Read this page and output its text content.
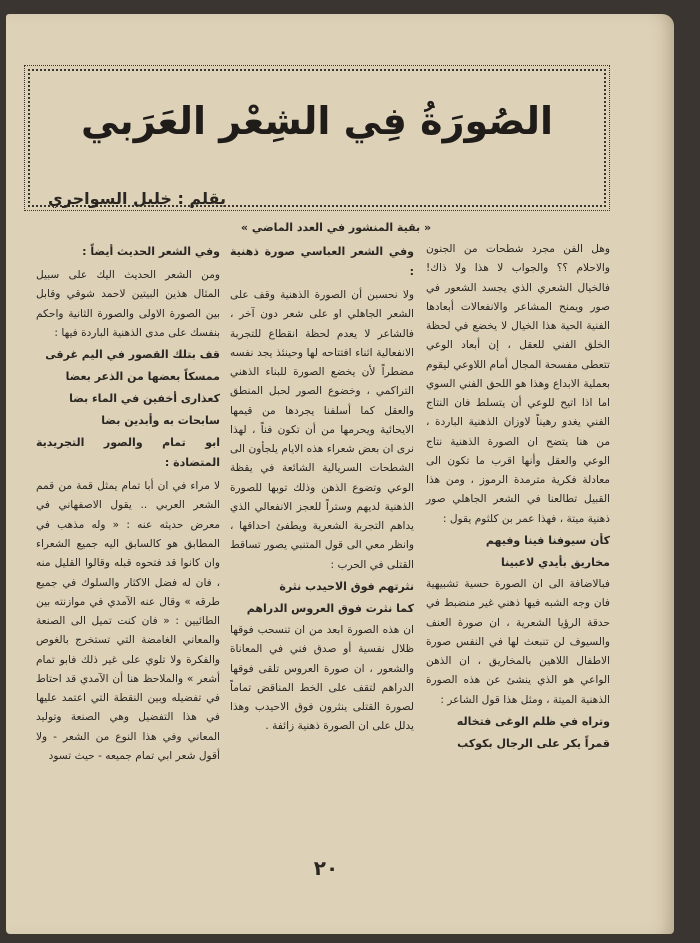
الصُورَةُ فِي الشِعْر العَرَبي
بقلم : خليل السواحري
« بقية المنشور في العدد الماضي »

وهل الفن مجرد شطحات من الجنون والاحلام ؟؟ والجواب لا هذا ولا ذاك! فالخيال الشعري الذي يجسد الشعور في صور ويمنح المشاعر والانفعالات أبعادها الفنية الحية هذا الخيال لا يخضع في لحظة الخلق الفني للعقل ، إن أبعاد الوعي تتعطى مفسحة المجال أمام اللاوعي ليقوم بعملية الابداع وهذا هو اللحق الفني السوي اما اذا اتيح للوعي أن يتسلط فان النتاج الفني يغدو رهيناً لاوزان الذهنية الباردة ، من هنا يتضح ان الصورة الذهنية نتاج الوعي والعقل وأنها اقرب ما تكون الى معادلة فكرية مترمدة الرموز ، ومن هذا القبيل تطالعنا في الشعر الجاهلي صور ذهنية ميتة ، فهذا عمر بن كلثوم يقول :

كأن سيوفنا فينا وفيهم
مخاريق بأيدي لاعبينا

فبالاضافة الى ان الصورة حسية تشبيهية فان وجه الشبه فيها ذهني غير منضبط في حدقة الرؤيا الشعرية ، ان صورة العنف والسيوف لن تنبعث لها في النفس صورة الاطفال اللاهين بالمخاريق ، ان الذهن الواعي هو الذي ينشئ عن هذه الصورة الذهنية الميتة ، ومثل هذا قول الشاعر :

وتراه في ظلم الوغى فتخاله
قمراً يكر على الرجال بكوكب
وفي الشعر العباسي صورة ذهنية :

ولا نحسبن أن الصورة الذهنية وقف على الشعر الجاهلي او على شعر دون آخر ، فالشاعر لا يعدم لحظة انقطاع للتجربة الانفعالية اثناء افتتاحه لها وحينئذ يجد نفسه مضطراً لأن يخضع الصورة للبناء الذهني التراكمي ، وخضوع الصور لحبل المنطق والعقل كما أسلفنا يجردها من قيمها الايحائية ويحرمها من أن تكون فناً ، لهذا نرى ان بعض شعراء هذه الايام يلجأون الى الشطحات السريالية الشائعة في يقظة الوعي وتضوع الذهن وذلك توبها للصورة الذهنية لديهم وستراً للعجز الانفعالي الذي يداهم التجربة الشعرية ويطفئ احداقها ، وانظر معي الى قول المتنبي يصور تساقط القتلى في الحرب :

نثرتهم فوق الاحيدب نثرة
كما نثرت فوق العروس الدراهم

ان هذه الصورة ابعد من ان تنسحب فوقها ظلال نفسية أو صدق فني في المعاناة والشعور ، ان صورة العروس تلقى فوقها الدراهم لتقف على الخط المناقض تماماً لصورة القتلى ينثرون فوق الاحيدب وهذا يدلل على ان الصورة ذهنية زائفة .

وفي الشعر الحديث أيضاً :

ومن الشعر الحديث اليك على سبيل المثال هذين البيتين لاحمد شوقي وقابل بين الصورة الاولى والصورة الثانية واحكم بنفسك على مدى الذهنية الباردة فيها :

قف بتلك القصور في اليم غرقى
ممسكاً بعضها من الذعر بعضا
كعذارى أخفين في الماء بضا
سابحات به وأبدين بضا
ابو تمام والصور التجريدية المتضادة :

لا مراء في ان أبا تمام يمثل قمة من قمم الشعر العربي .. يقول الاصفهاني في معرض حديثه عنه : « وله مذهب في المطابق هو كالسابق اليه جميع الشعراء وان كانوا قد فتحوه قبله وقالوا القليل منه ، فان له فضل الاكثار والسلوك في جميع طرقه » وقال عنه الآمدي في موازنته بين الطائيين : « فان كنت تميل الى الصنعة والمعاني الغامضة التي تستخرج بالغوص والفكرة ولا تلوي على غير ذلك فابو تمام أشعر » والملاحظ هنا أن الآمدي قد احتاط في تفضيله وبين النقطة التي اعتمد عليها في هذا التفضيل وهي الصنعة وتوليد المعاني وفي هذا النوع من الشعر - ولا أقول شعر ابي تمام جميعه - حيث تسود

٢٠
